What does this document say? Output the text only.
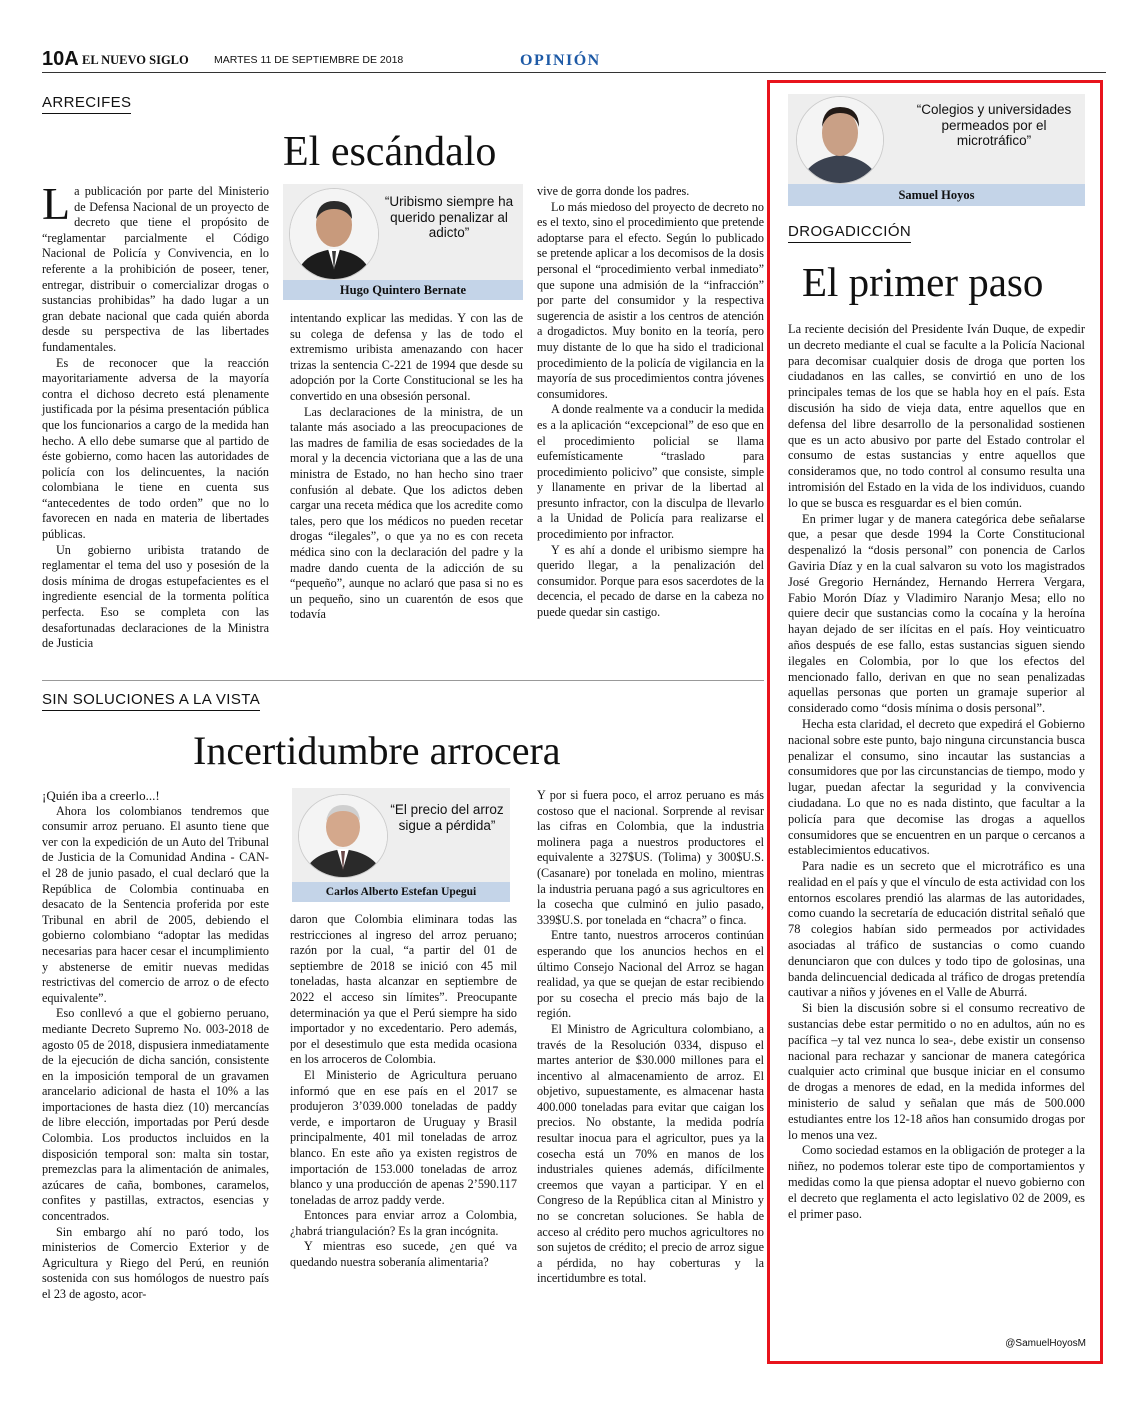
10A EL NUEVO SIGLO MARTES 11 DE SEPTIEMBRE DE 2018	OPINIÓN
ARRECIFES
El escándalo
“Uribismo siempre ha querido penalizar al adicto”
Hugo Quintero Bernate

La publicación por parte del Ministerio de Defensa Nacional de un proyecto de decreto que tiene el propósito de “reglamentar parcialmente el Código Nacional de Policía y Convivencia, en lo referente a la prohibición de poseer, tener, entregar, distribuir o comercializar drogas o sustancias prohibidas” ha dado lugar a un gran debate nacional que cada quién aborda desde su perspectiva de las libertades fundamentales.

Es de reconocer que la reacción mayoritariamente adversa de la mayoría contra el dichoso decreto está plenamente justificada por la pésima presentación pública que los funcionarios a cargo de la medida han hecho. A ello debe sumarse que al partido de éste gobierno, como hacen las autoridades de policía con los delincuentes, la nación colombiana le tiene en cuenta sus “antecedentes de todo orden” que no lo favorecen en nada en materia de libertades públicas.

Un gobierno uribista tratando de reglamentar el tema del uso y posesión de la dosis mínima de drogas estupefacientes es el ingrediente esencial de la tormenta política perfecta. Eso se completa con las desafortunadas declaraciones de la Ministra de Justicia

intentando explicar las medidas. Y con las de su colega de defensa y las de todo el extremismo uribista amenazando con hacer trizas la sentencia C-221 de 1994 que desde su adopción por la Corte Constitucional se les ha convertido en una obsesión personal.

Las declaraciones de la ministra, de un talante más asociado a las preocupaciones de las madres de familia de esas sociedades de la moral y la decencia victoriana que a las de una ministra de Estado, no han hecho sino traer confusión al debate. Que los adictos deben cargar una receta médica que los acredite como tales, pero que los médicos no pueden recetar drogas “ilegales”, o que ya no es con receta médica sino con la declaración del padre y la madre dando cuenta de la adicción de su “pequeño”, aunque no aclaró que pasa si no es un pequeño, sino un cuarentón de esos que todavía

vive de gorra donde los padres.

Lo más miedoso del proyecto de decreto no es el texto, sino el procedimiento que pretende adoptarse para el efecto. Según lo publicado se pretende aplicar a los decomisos de la dosis personal el “procedimiento verbal inmediato” que supone una admisión de la “infracción” por parte del consumidor y la respectiva sugerencia de asistir a los centros de atención a drogadictos. Muy bonito en la teoría, pero muy distante de lo que ha sido el tradicional procedimiento de la policía de vigilancia en la mayoría de sus procedimientos contra jóvenes consumidores.

A donde realmente va a conducir la medida es a la aplicación “excepcional” de eso que en el procedimiento policial se llama eufemísticamente “traslado para procedimiento policivo” que consiste, simple y llanamente en privar de la libertad al presunto infractor, con la disculpa de llevarlo a la Unidad de Policía para realizarse el procedimiento por infractor.

Y es ahí a donde el uribismo siempre ha querido llegar, a la penalización del consumidor. Porque para esos sacerdotes de la decencia, el pecado de darse en la cabeza no puede quedar sin castigo.

SIN SOLUCIONES A LA VISTA
Incertidumbre arrocera
“El precio del arroz sigue a pérdida”
Carlos Alberto Estefan Upegui

¡Quién iba a creerlo...!

Ahora los colombianos tendremos que consumir arroz peruano. El asunto tiene que ver con la expedición de un Auto del Tribunal de Justicia de la Comunidad Andina - CAN- el 28 de junio pasado, el cual declaró que la República de Colombia continuaba en desacato de la Sentencia proferida por este Tribunal en abril de 2005, debiendo el gobierno colombiano “adoptar las medidas necesarias para hacer cesar el incumplimiento y abstenerse de emitir nuevas medidas restrictivas del comercio de arroz o de efecto equivalente”.

Eso conllevó a que el gobierno peruano, mediante Decreto Supremo No. 003-2018 de agosto 05 de 2018, dispusiera inmediatamente de la ejecución de dicha sanción, consistente en la imposición temporal de un gravamen arancelario adicional de hasta el 10% a las importaciones de hasta diez (10) mercancías de libre elección, importadas por Perú desde Colombia. Los productos incluidos en la disposición temporal son: malta sin tostar, premezclas para la alimentación de animales, azúcares de caña, bombones, caramelos, confites y pastillas, extractos, esencias y concentrados.

Sin embargo ahí no paró todo, los ministerios de Comercio Exterior y de Agricultura y Riego del Perú, en reunión sostenida con sus homólogos de nuestro país el 23 de agosto, acor-

daron que Colombia eliminara todas las restricciones al ingreso del arroz peruano; razón por la cual, “a partir del 01 de septiembre de 2018 se inició con 45 mil toneladas, hasta alcanzar en septiembre de 2022 el acceso sin límites”. Preocupante determinación ya que el Perú siempre ha sido importador y no excedentario. Pero además, por el desestimulo que esta medida ocasiona en los arroceros de Colombia.

El Ministerio de Agricultura peruano informó que en ese país en el 2017 se produjeron 3’039.000 toneladas de paddy verde, e importaron de Uruguay y Brasil principalmente, 401 mil toneladas de arroz blanco. En este año ya existen registros de importación de 153.000 toneladas de arroz blanco y una producción de apenas 2’590.117 toneladas de arroz paddy verde.

Entonces para enviar arroz a Colombia, ¿habrá triangulación? Es la gran incógnita.

Y mientras eso sucede, ¿en qué va quedando nuestra soberanía alimentaria?

Y por si fuera poco, el arroz peruano es más costoso que el nacional. Sorprende al revisar las cifras en Colombia, que la industria molinera paga a nuestros productores el equivalente a 327$US. (Tolima) y 300$U.S. (Casanare) por tonelada en molino, mientras la industria peruana pagó a sus agricultores en la cosecha que culminó en julio pasado, 339$U.S. por tonelada en “chacra” o finca.

Entre tanto, nuestros arroceros continúan esperando que los anuncios hechos en el último Consejo Nacional del Arroz se hagan realidad, ya que se quejan de estar recibiendo por su cosecha el precio más bajo de la región.

El Ministro de Agricultura colombiano, a través de la Resolución 0334, dispuso el martes anterior de $30.000 millones para el incentivo al almacenamiento de arroz. El objetivo, supuestamente, es almacenar hasta 400.000 toneladas para evitar que caigan los precios. No obstante, la medida podría resultar inocua para el agricultor, pues ya la cosecha está un 70% en manos de los industriales quienes además, difícilmente creemos que vayan a participar. Y en el Congreso de la República citan al Ministro y no se concretan soluciones. Se habla de acceso al crédito pero muchos agricultores no son sujetos de crédito; el precio de arroz sigue a pérdida, no hay coberturas y la incertidumbre es total.

“Colegios y universidades permeados por el microtráfico”
Samuel Hoyos
DROGADICCIÓN
El primer paso

La reciente decisión del Presidente Iván Duque, de expedir un decreto mediante el cual se faculte a la Policía Nacional para decomisar cualquier dosis de droga que porten los ciudadanos en las calles, se convirtió en uno de los principales temas de los que se habla hoy en el país. Esta discusión ha sido de vieja data, entre aquellos que en defensa del libre desarrollo de la personalidad sostienen que es un acto abusivo por parte del Estado controlar el consumo de estas sustancias y entre aquellos que consideramos que, no todo control al consumo resulta una intromisión del Estado en la vida de los individuos, cuando lo que se busca es resguardar es el bien común.

En primer lugar y de manera categórica debe señalarse que, a pesar que desde 1994 la Corte Constitucional despenalizó la “dosis personal” con ponencia de Carlos Gaviria Díaz y en la cual salvaron su voto los magistrados José Gregorio Hernández, Hernando Herrera Vergara, Fabio Morón Díaz y Vladimiro Naranjo Mesa; ello no quiere decir que sustancias como la cocaína y la heroína hayan dejado de ser ilícitas en el país. Hoy veinticuatro años después de ese fallo, estas sustancias siguen siendo ilegales en Colombia, por lo que los efectos del mencionado fallo, derivan en que no sean penalizadas aquellas personas que porten un gramaje superior al considerado como “dosis mínima o dosis personal”.

Hecha esta claridad, el decreto que expedirá el Gobierno nacional sobre este punto, bajo ninguna circunstancia busca penalizar el consumo, sino incautar las sustancias a consumidores que por las circunstancias de tiempo, modo y lugar, puedan afectar la seguridad y la convivencia ciudadana. Lo que no es nada distinto, que facultar a la policía para que decomise las drogas a aquellos consumidores que se encuentren en un parque o cercanos a establecimientos educativos.

Para nadie es un secreto que el microtráfico es una realidad en el país y que el vínculo de esta actividad con los entornos escolares prendió las alarmas de las autoridades, como cuando la secretaría de educación distrital señaló que 78 colegios habían sido permeados por actividades asociadas al tráfico de sustancias o como cuando denunciaron que con dulces y todo tipo de golosinas, una banda delincuencial dedicada al tráfico de drogas pretendía cautivar a niños y jóvenes en el Valle de Aburrá.

Si bien la discusión sobre si el consumo recreativo de sustancias debe estar permitido o no en adultos, aún no es pacífica –y tal vez nunca lo sea-, debe existir un consenso nacional para rechazar y sancionar de manera categórica cualquier acto criminal que busque iniciar en el consumo de drogas a menores de edad, en la medida informes del ministerio de salud y señalan que más de 500.000 estudiantes entre los 12-18 años han consumido drogas por lo menos una vez.

Como sociedad estamos en la obligación de proteger a la niñez, no podemos tolerar este tipo de comportamientos y medidas como la que piensa adoptar el nuevo gobierno con el decreto que reglamenta el acto legislativo 02 de 2009, es el primer paso.

@SamuelHoyosM
